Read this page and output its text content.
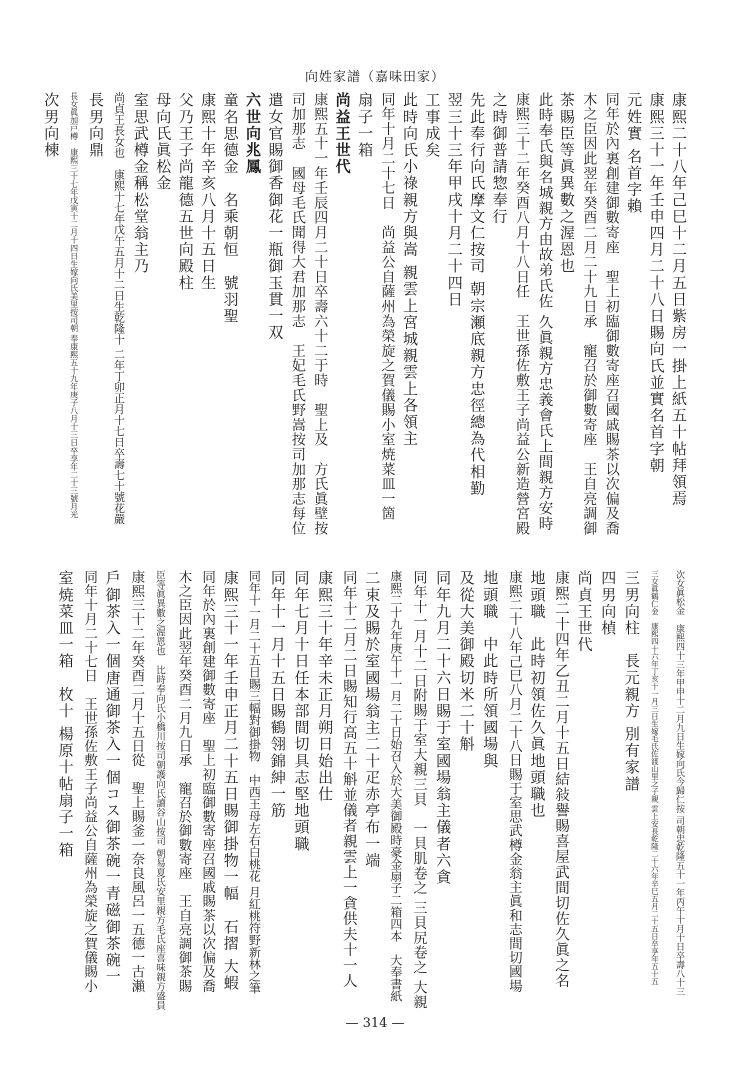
向姓家譜（嘉味田家）
康熙二十八年己巳十二月五日紫房一掛上紙五十帖拜領焉
康熙三十一年壬申四月二十八日賜向氏並實名首字朝
元姓實 名首字賴
同年於內裏創建御數寄座　聖上初臨御數寄座召國戚賜茶以次偏及喬
木之臣因此翌年癸酉二月二十九日承　寵召於御數寄座　王自亮調御
茶賜臣等眞異數之渥恩也
此時奉氏與名城親方由故弟氏佐 久眞親方忠義會氏上間親方安時
康熙三十二年癸酉八月十八日任　王世孫佐敷王子尚益公新造營宮殿
之時御普請惣奉行
先此奉行向氏摩文仁按司 朝宗瀬底親方忠徑總為代相勤
翌三十三年甲戌十月二十四日
工事成矣
此時向氏小祿親方與嵩 親雲上宮城親雲上各領主
同年十月二十七日　尚益公自薩州為榮旋之賀儀賜小室焼菜皿一箇
扇子一箱
尚益王世代
康熙五十一年壬辰四月二十日卒壽六十二于時　聖上及　方氏眞壁按
司加那志　國母毛氏聞得大君加那志　王妃毛氏野嵩按司加那志每位
遣女官賜御香御花一瓶御玉貫一双
六世向兆鳳
童名思德金　名乘朝恒　號羽聖
康熙十年辛亥八月十五日生
父乃王子尚龍德五世向殿柱
母向氏眞松金
室思武樽金稱松堂翁主乃
尚貞王長女也　康熙十七年戊午五月十二日生乾隆十 二年丁卯正月十七日卒壽七十號花嚴
長男向鼎
長女眞加戸樽　康熙三十七年戊寅十二月十四日生嫁向氏美里按司朝 奉康熙五十九年庚子八月十三日卒享年二十三號月光
次男向棟
次女眞松金　康熙四十三年甲申十二月九日生嫁向氏今歸仁按 司朝忠乾隆五十一年丙午十月十日卒壽八十三
三女眞鶴仁金　康熙四十六年丁亥十一月三日生嫁毛氏佐渡山里之子親 雲上安長乾隆二十六年辛巳五月二十五日卒享年五十五
三男向柱　長元親方 別有家譜
四男向楨
尚貞王世代
康熙二十四年乙丑二月十五日結敍譽賜喜屋武間切佐久眞之名
地頭職　此時初領佐久眞地頭職也
康熙二十八年己巳八月二十八日賜于室思武樽金翁主眞和志間切國場
地頭職　中此時所領國場與
及從大美御殿切米二十斛
同年九月二十六日賜于室國場翁主儀者六貪
同年十一月十二日附賜于室大親三貝　一貝肌卷之 三貝尻卷之 大親
康熙二十九年庚午十一月二十日始召入於大美御殿時豪金扇子二箱四本　大奉書紙
二束及賜於室國場翁主二十疋赤亭布一端
同年十二月二日賜知行高五十斛並儀者親雲上一貪供夫十一人
康熙三十年辛未正月朔日始出仕
同年七月十日任本部間切具志堅地頭職
同年十一月十五日賜鶴翎錦紳一筋
同年十一月二十五日賜三幅對御掛物　中西王母左右白桃花 月紅桃符野新林之筆
康熙三十一年壬申正月二十五日賜御掛物一幅　石摺 大蝦
同年於內裏創建御數寄座　聖上初臨御數寄座召國戚賜茶以次偏及喬
木之臣因此翌年癸酉二月九日承　寵召於御數寄座　王自亮調御茶賜
臣等眞異數之渥恩也　比時奉向氏小橋川按司朝護向氏讀谷山按司 朝易夏氏安里親方毛氏座喜味親方盛員
康熙三十二年癸酉二月十五日從　聖上賜釜一奈良風呂一五德一古瀨
戶御茶入一個唐通御茶入一個コス御茶碗一青磁御茶碗一
同年十月二十七日　王世孫佐敷王子尚益公自薩州為榮旋之賀儀賜小
室焼菜皿一箱　枚十 楊原十帖扇子一箱
— 314 —
